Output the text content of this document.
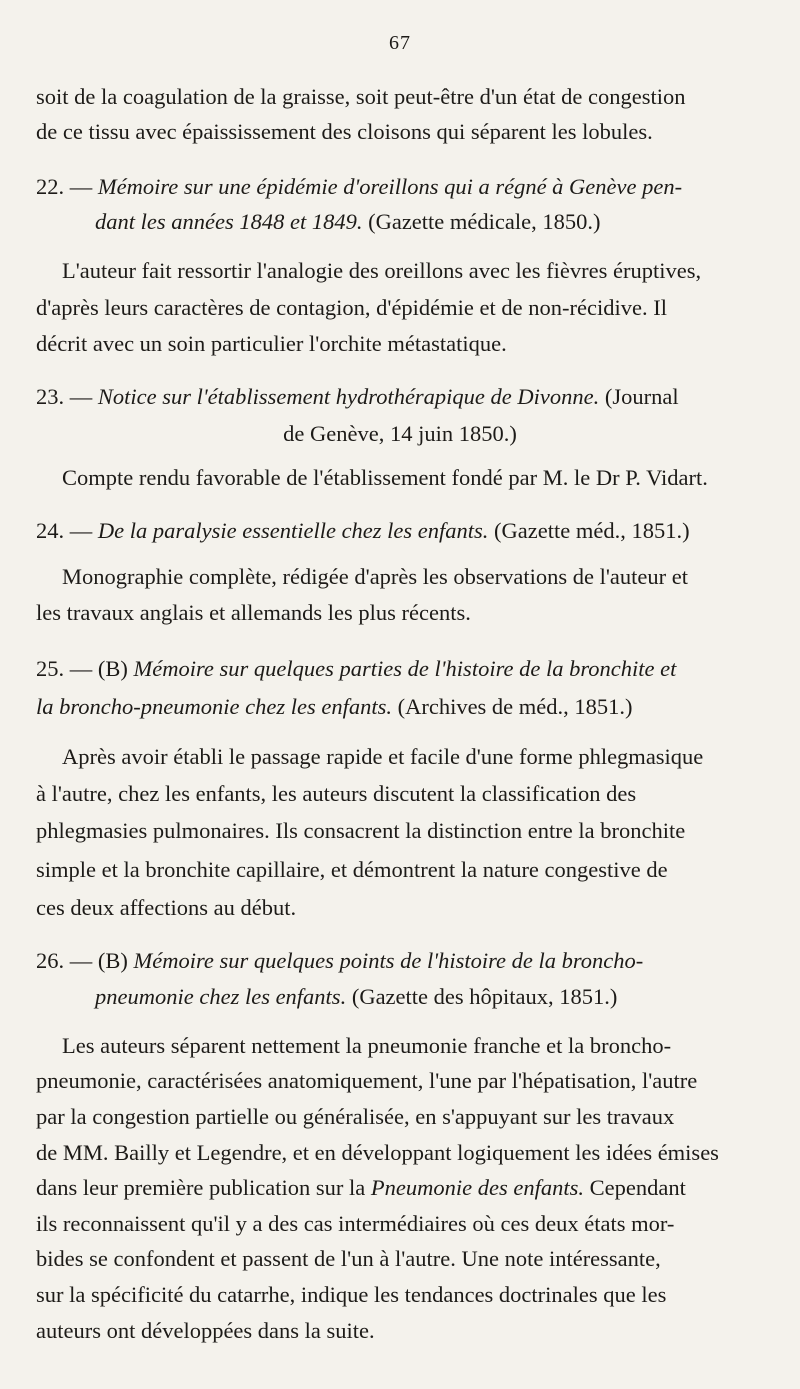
67
soit de la coagulation de la graisse, soit peut-être d'un état de congestion
de ce tissu avec épaississement des cloisons qui séparent les lobules.
22. — Mémoire sur une épidémie d'oreillons qui a régné à Genève pen-
dant les années 1848 et 1849. (Gazette médicale, 1850.)
L'auteur fait ressortir l'analogie des oreillons avec les fièvres éruptives,
d'après leurs caractères de contagion, d'épidémie et de non-récidive. Il
décrit avec un soin particulier l'orchite métastatique.
23. — Notice sur l'établissement hydrothérapique de Divonne. (Journal
de Genève, 14 juin 1850.)
Compte rendu favorable de l'établissement fondé par M. le Dr P. Vidart.
24. — De la paralysie essentielle chez les enfants. (Gazette méd., 1851.)
Monographie complète, rédigée d'après les observations de l'auteur et
les travaux anglais et allemands les plus récents.
25. — (B) Mémoire sur quelques parties de l'histoire de la bronchite et
la broncho-pneumonie chez les enfants. (Archives de méd., 1851.)
Après avoir établi le passage rapide et facile d'une forme phlegmasique
à l'autre, chez les enfants, les auteurs discutent la classification des
phlegmasies pulmonaires. Ils consacrent la distinction entre la bronchite
simple et la bronchite capillaire, et démontrent la nature congestive de
ces deux affections au début.
26. — (B) Mémoire sur quelques points de l'histoire de la broncho-
pneumonie chez les enfants. (Gazette des hôpitaux, 1851.)
Les auteurs séparent nettement la pneumonie franche et la broncho-
pneumonie, caractérisées anatomiquement, l'une par l'hépatisation, l'autre
par la congestion partielle ou généralisée, en s'appuyant sur les travaux
de MM. Bailly et Legendre, et en développant logiquement les idées émises
dans leur première publication sur la Pneumonie des enfants. Cependant
ils reconnaissent qu'il y a des cas intermédiaires où ces deux états mor-
bides se confondent et passent de l'un à l'autre. Une note intéressante,
sur la spécificité du catarrhe, indique les tendances doctrinales que les
auteurs ont développées dans la suite.
